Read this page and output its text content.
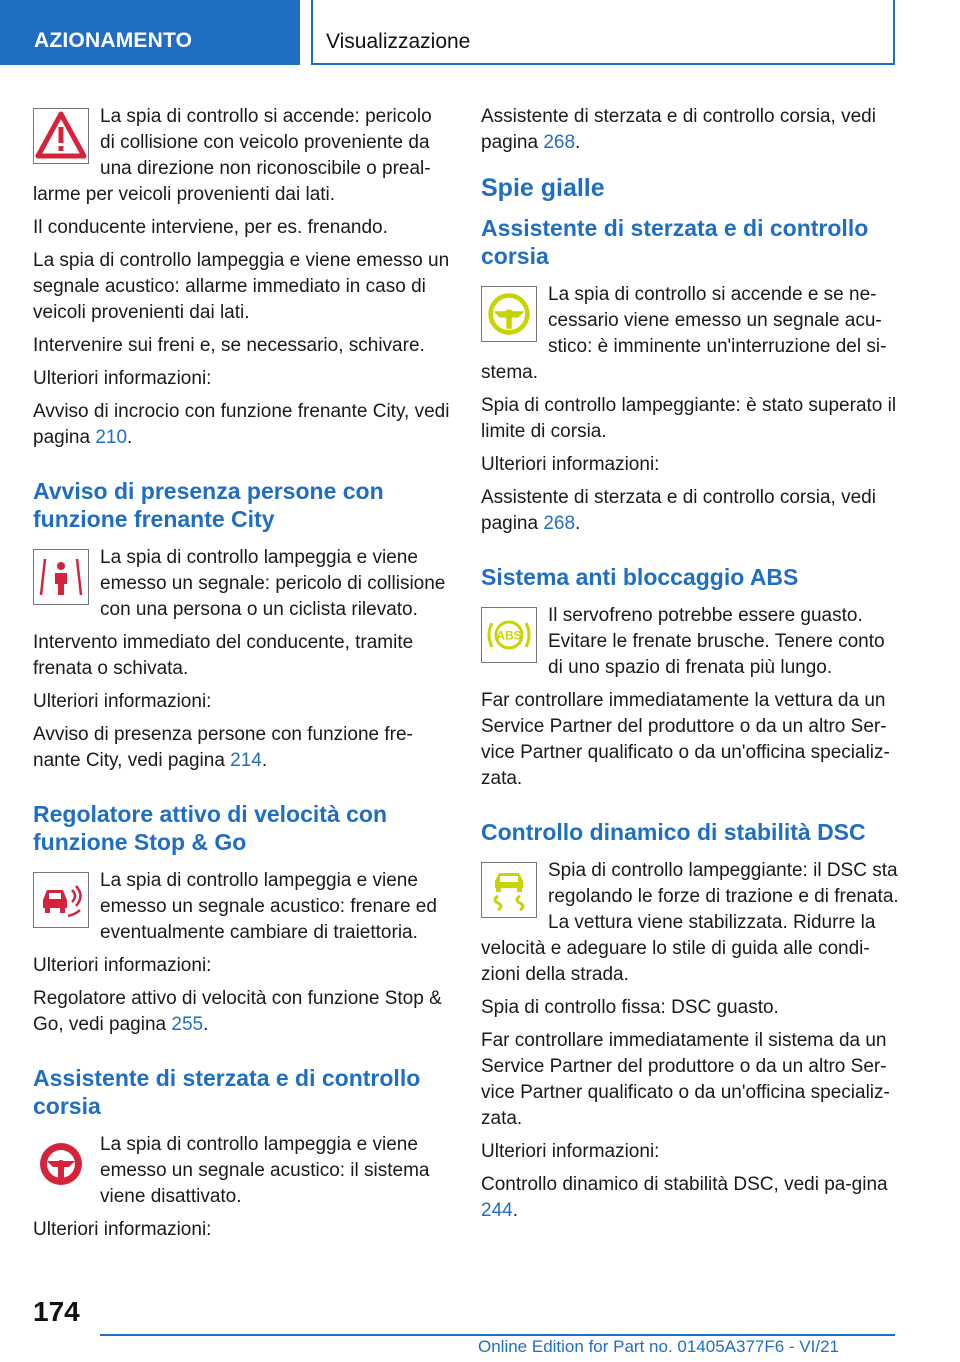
AZIONAMENTO	Visualizzazione

La spia di controllo si accende: pericolo di collisione con veicolo proveniente da una direzione non riconoscibile o preal-larme per veicoli provenienti dai lati.

Il conducente interviene, per es. frenando.

La spia di controllo lampeggia e viene emesso un segnale acustico: allarme immediato in caso di veicoli provenienti dai lati.

Intervenire sui freni e, se necessario, schivare.

Ulteriori informazioni:

Avviso di incrocio con funzione frenante City, vedi pagina 210.

Avviso di presenza persone con funzione frenante City

La spia di controllo lampeggia e viene emesso un segnale: pericolo di collisione con una persona o un ciclista rilevato.

Intervento immediato del conducente, tramite frenata o schivata.

Ulteriori informazioni:

Avviso di presenza persone con funzione fre-nante City, vedi pagina 214.

Regolatore attivo di velocità con funzione Stop & Go

La spia di controllo lampeggia e viene emesso un segnale acustico: frenare ed eventualmente cambiare di traiettoria.

Ulteriori informazioni:

Regolatore attivo di velocità con funzione Stop & Go, vedi pagina 255.

Assistente di sterzata e di controllo corsia

La spia di controllo lampeggia e viene emesso un segnale acustico: il sistema viene disattivato.

Ulteriori informazioni:

Assistente di sterzata e di controllo corsia, vedi pagina 268.

Spie gialle
Assistente di sterzata e di controllo corsia

La spia di controllo si accende e se ne-cessario viene emesso un segnale acu-stico: è imminente un'interruzione del si-stema.

Spia di controllo lampeggiante: è stato superato il limite di corsia.

Ulteriori informazioni:

Assistente di sterzata e di controllo corsia, vedi pagina 268.

Sistema anti bloccaggio ABS
ABS

Il servofreno potrebbe essere guasto. Evitare le frenate brusche. Tenere conto di uno spazio di frenata più lungo.

Far controllare immediatamente la vettura da un Service Partner del produttore o da un altro Ser-vice Partner qualificato o da un'officina specializ-zata.

Controllo dinamico di stabilità DSC

Spia di controllo lampeggiante: il DSC sta regolando le forze di trazione e di frenata. La vettura viene stabilizzata. Ridurre la velocità e adeguare lo stile di guida alle condi-zioni della strada.

Spia di controllo fissa: DSC guasto.

Far controllare immediatamente il sistema da un Service Partner del produttore o da un altro Ser-vice Partner qualificato o da un'officina specializ-zata.

Ulteriori informazioni:

Controllo dinamico di stabilità DSC, vedi pa-gina 244.

174
Online Edition for Part no. 01405A377F6 - VI/21
